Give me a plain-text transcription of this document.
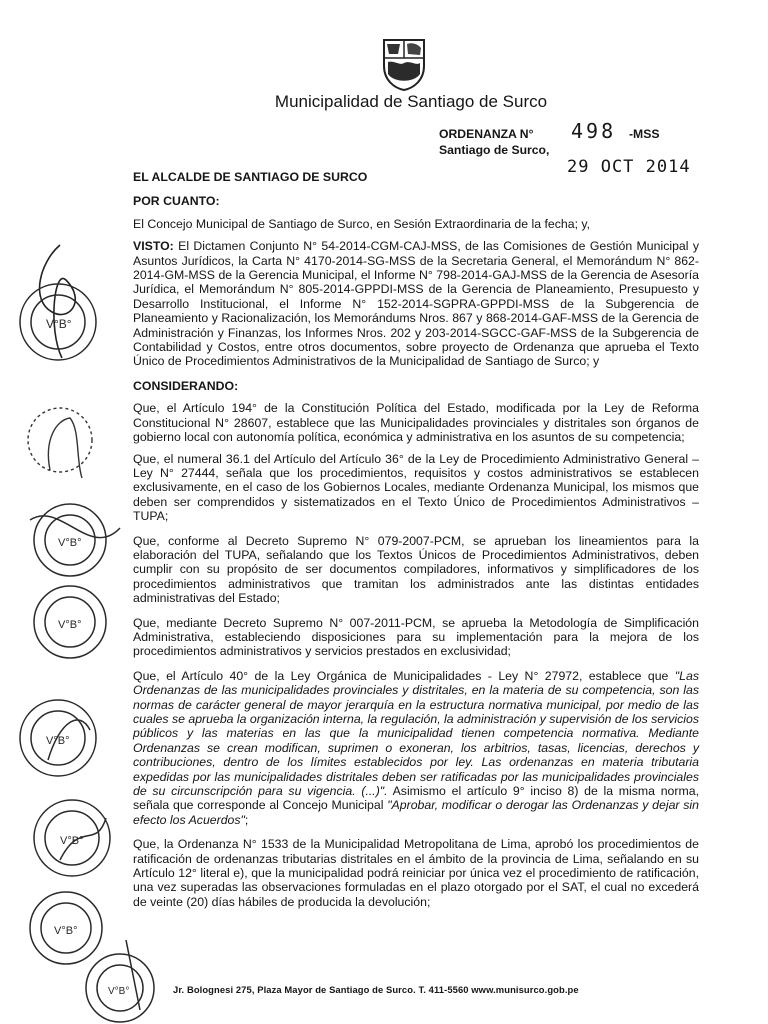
Municipalidad de Santiago de Surco
ORDENANZA N° 498 -MSS
Santiago de Surco,
29 OCT 2014
EL ALCALDE DE SANTIAGO DE SURCO
POR CUANTO:

El Concejo Municipal de Santiago de Surco, en Sesión Extraordinaria de la fecha; y,

VISTO: El Dictamen Conjunto N° 54-2014-CGM-CAJ-MSS, de las Comisiones de Gestión Municipal y Asuntos Jurídicos, la Carta N° 4170-2014-SG-MSS de la Secretaria General, el Memorándum N° 862-2014-GM-MSS de la Gerencia Municipal, el Informe N° 798-2014-GAJ-MSS de la Gerencia de Asesoría Jurídica, el Memorándum N° 805-2014-GPPDI-MSS de la Gerencia de Planeamiento, Presupuesto y Desarrollo Institucional, el Informe N° 152-2014-SGPRA-GPPDI-MSS de la Subgerencia de Planeamiento y Racionalización, los Memorándums Nros. 867 y 868-2014-GAF-MSS de la Gerencia de Administración y Finanzas, los Informes Nros. 202 y 203-2014-SGCC-GAF-MSS de la Subgerencia de Contabilidad y Costos, entre otros documentos, sobre proyecto de Ordenanza que aprueba el Texto Único de Procedimientos Administrativos de la Municipalidad de Santiago de Surco; y

CONSIDERANDO:

Que, el Artículo 194° de la Constitución Política del Estado, modificada por la Ley de Reforma Constitucional N° 28607, establece que las Municipalidades provinciales y distritales son órganos de gobierno local con autonomía política, económica y administrativa en los asuntos de su competencia;

Que, el numeral 36.1 del Artículo del Artículo 36° de la Ley de Procedimiento Administrativo General – Ley N° 27444, señala que los procedimientos, requisitos y costos administrativos se establecen exclusivamente, en el caso de los Gobiernos Locales, mediante Ordenanza Municipal, los mismos que deben ser comprendidos y sistematizados en el Texto Único de Procedimientos Administrativos – TUPA;

Que, conforme al Decreto Supremo N° 079-2007-PCM, se aprueban los lineamientos para la elaboración del TUPA, señalando que los Textos Únicos de Procedimientos Administrativos, deben cumplir con su propósito de ser documentos compiladores, informativos y simplificadores de los procedimientos administrativos que tramitan los administrados ante las distintas entidades administrativas del Estado;

Que, mediante Decreto Supremo N° 007-2011-PCM, se aprueba la Metodología de Simplificación Administrativa, estableciendo disposiciones para su implementación para la mejora de los procedimientos administrativos y servicios prestados en exclusividad;

Que, el Artículo 40° de la Ley Orgánica de Municipalidades - Ley N° 27972, establece que "Las Ordenanzas de las municipalidades provinciales y distritales, en la materia de su competencia, son las normas de carácter general de mayor jerarquía en la estructura normativa municipal, por medio de las cuales se aprueba la organización interna, la regulación, la administración y supervisión de los servicios públicos y las materias en las que la municipalidad tienen competencia normativa. Mediante Ordenanzas se crean modifican, suprimen o exoneran, los arbitrios, tasas, licencias, derechos y contribuciones, dentro de los límites establecidos por ley. Las ordenanzas en materia tributaria expedidas por las municipalidades distritales deben ser ratificadas por las municipalidades provinciales de su circunscripción para su vigencia. (...)". Asimismo el artículo 9° inciso 8) de la misma norma, señala que corresponde al Concejo Municipal "Aprobar, modificar o derogar las Ordenanzas y dejar sin efecto los Acuerdos";

Que, la Ordenanza N° 1533 de la Municipalidad Metropolitana de Lima, aprobó los procedimientos de ratificación de ordenanzas tributarias distritales en el ámbito de la provincia de Lima, señalando en su Artículo 12° literal e), que la municipalidad podrá reiniciar por única vez el procedimiento de ratificación, una vez superadas las observaciones formuladas en el plazo otorgado por el SAT, el cual no excederá de veinte (20) días hábiles de producida la devolución;

Jr. Bolognesi 275, Plaza Mayor de Santiago de Surco. T. 411-5560 www.munisurco.gob.pe
V°B°
V°B°
V°B°
V°B°
V°B°
V°B°
V°B°
